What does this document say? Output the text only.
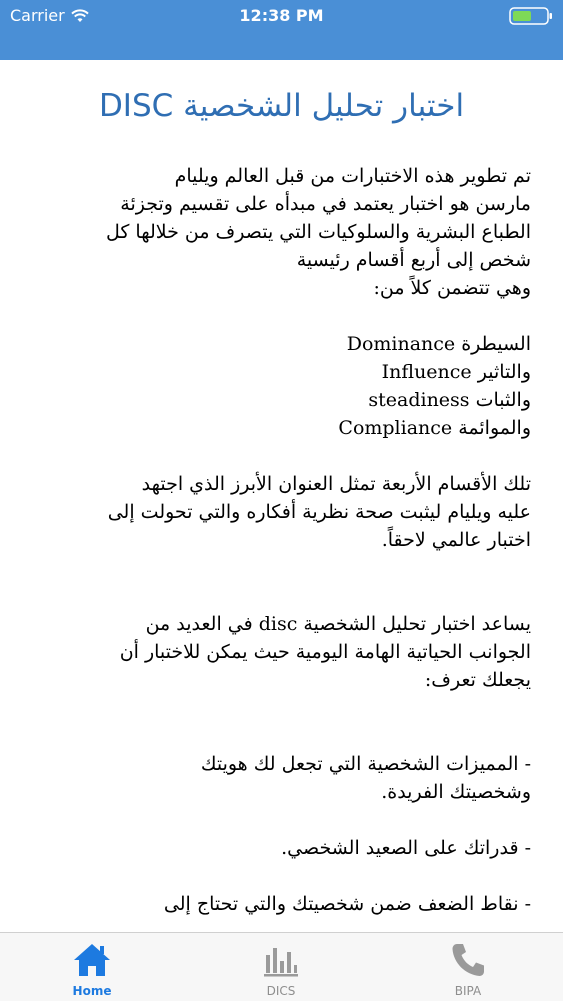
Carrier	12:38 PM
اختبار تحليل الشخصية DISC

تم تطوير هذه الاختبارات من قبل العالم ويليام
مارسن هو اختبار يعتمد في مبدأه على تقسيم وتجزئة
الطباع البشرية والسلوكيات التي يتصرف من خلالها كل
شخص إلى أربع أقسام رئيسية
وهي تتضمن كلاً من:

السيطرة Dominance
والتاثير Influence
والثبات steadiness
والموائمة Compliance

تلك الأقسام الأربعة تمثل العنوان الأبرز الذي اجتهد
عليه ويليام ليثبت صحة نظرية أفكاره والتي تحولت إلى
اختبار عالمي لاحقاً.

يساعد اختبار تحليل الشخصية disc في العديد من
الجوانب الحياتية الهامة اليومية حيث يمكن للاختبار أن
يجعلك تعرف:

- المميزات الشخصية التي تجعل لك هويتك
وشخصيتك الفريدة.

- قدراتك على الصعيد الشخصي.

- نقاط الضعف ضمن شخصيتك والتي تحتاج إلى

Home	DICS	BIPA
